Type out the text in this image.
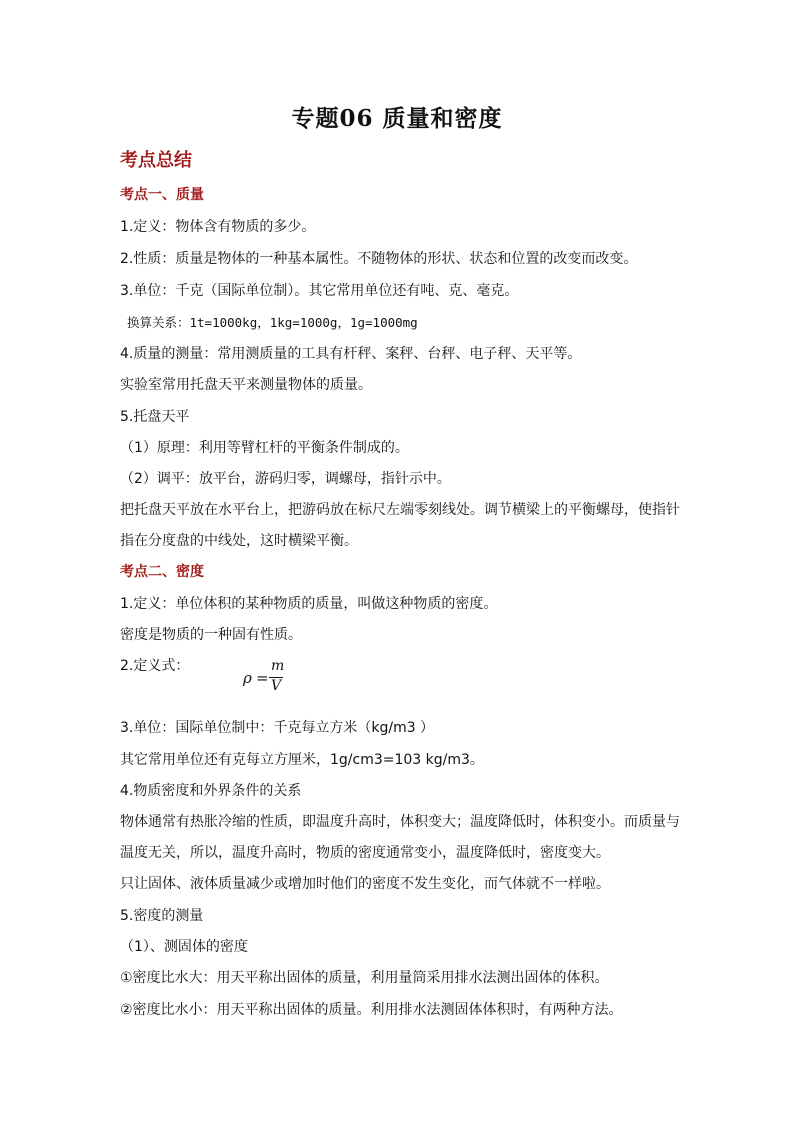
专题06 质量和密度
考点总结
考点一、质量
1.定义：物体含有物质的多少。
2.性质：质量是物体的一种基本属性。不随物体的形状、状态和位置的改变而改变。
3.单位：千克（国际单位制）。其它常用单位还有吨、克、毫克。
换算关系：1t=1000kg，1kg=1000g，1g=1000mg
4.质量的测量：常用测质量的工具有杆秤、案秤、台秤、电子秤、天平等。
实验室常用托盘天平来测量物体的质量。
5.托盘天平
（1）原理：利用等臂杠杆的平衡条件制成的。
（2）调平：放平台，游码归零，调螺母，指针示中。
把托盘天平放在水平台上，把游码放在标尺左端零刻线处。调节横梁上的平衡螺母，使指针
指在分度盘的中线处，这时横梁平衡。
考点二、密度
1.定义：单位体积的某种物质的质量，叫做这种物质的密度。
密度是物质的一种固有性质。
2.定义式：
ρ =
m
V
3.单位：国际单位制中：千克每立方米（kg/m3 ）
其它常用单位还有克每立方厘米，1g/cm3=103 kg/m3。
4.物质密度和外界条件的关系
物体通常有热胀冷缩的性质，即温度升高时，体积变大；温度降低时，体积变小。而质量与
温度无关，所以，温度升高时，物质的密度通常变小，温度降低时，密度变大。
只让固体、液体质量减少或增加时他们的密度不发生变化，而气体就不一样啦。
5.密度的测量
（1）、测固体的密度
①密度比水大：用天平称出固体的质量，利用量筒采用排水法测出固体的体积。
②密度比水小：用天平称出固体的质量。利用排水法测固体体积时，有两种方法。
